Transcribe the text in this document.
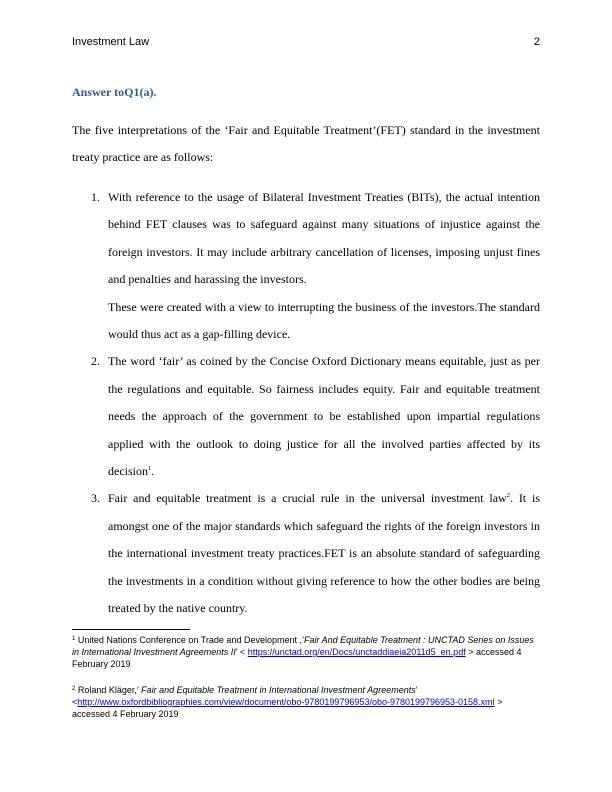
Investment Law	2
Answer toQ1(a).

The five interpretations of the ‘Fair and Equitable Treatment’(FET) standard in the investment treaty practice are as follows:

1. With reference to the usage of Bilateral Investment Treaties (BITs), the actual intention behind FET clauses was to safeguard against many situations of injustice against the foreign investors. It may include arbitrary cancellation of licenses, imposing unjust fines and penalties and harassing the investors.
These were created with a view to interrupting the business of the investors.The standard would thus act as a gap-filling device.
2. The word ‘fair’ as coined by the Concise Oxford Dictionary means equitable, just as per the regulations and equitable. So fairness includes equity. Fair and equitable treatment needs the approach of the government to be established upon impartial regulations applied with the outlook to doing justice for all the involved parties affected by its decision$^1$.
3. Fair and equitable treatment is a crucial rule in the universal investment law$^2$. It is amongst one of the major standards which safeguard the rights of the foreign investors in the international investment treaty practices.FET is an absolute standard of safeguarding the investments in a condition without giving reference to how the other bodies are being treated by the native country.
$^1$ United Nations Conference on Trade and Development ,’Fair And Equitable Treatment : UNCTAD Series on Issues in International Investment Agreements II’ < https://unctad.org/en/Docs/unctaddiaeia2011d5_en.pdf > accessed 4 February 2019
$^2$ Roland Kläger,’ Fair and Equitable Treatment in International Investment Agreements’ <http://www.oxfordbibliographies.com/view/document/obo-9780199796953/obo-9780199796953-0158.xml > accessed 4 February 2019
